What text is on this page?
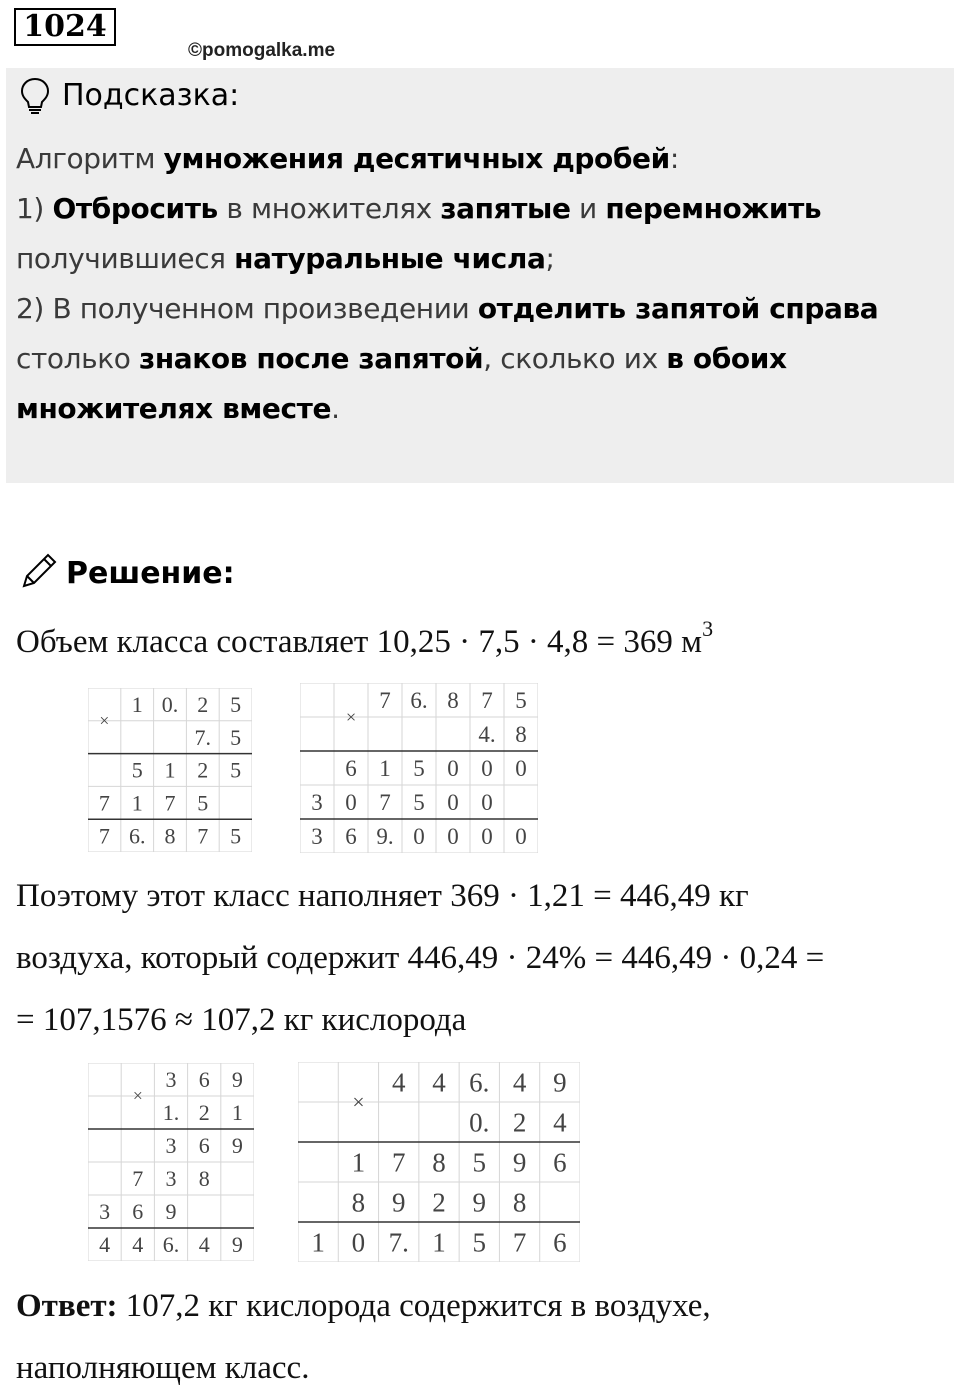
1024
©pomogalka.me
Подсказка:
Алгоритм умножения десятичных дробей:
1) Отбросить в множителях запятые и перемножить
получившиеся натуральные числа;
2) В полученном произведении отделить запятой справа
столько знаков после запятой, сколько их в обоих
множителях вместе.
Решение:
Объем класса составляет 10,25 · 7,5 · 4,8 = 369 $м^3$
×
1 0. 2 5
7. 5
5 1 2 5
7 1 7 5
7 6. 8 7 5
×
7 6. 8 7 5
4. 8
6 1 5 0 0 0
3 0 7 5 0 0
3 6 9. 0 0 0 0
Поэтому этот класс наполняет 369 · 1,21 = 446,49 кг
воздуха, который содержит 446,49 · 24% = 446,49 · 0,24 =
= 107,1576 ≈ 107,2 кг кислорода
×
3 6 9
1. 2 1
3 6 9
7 3 8
3 6 9
4 4 6. 4 9
×
4 4 6. 4 9
0. 2 4
1 7 8 5 9 6
8 9 2 9 8
1 0 7. 1 5 7 6
Ответ: 107,2 кг кислорода содержится в воздухе,
наполняющем класс.
